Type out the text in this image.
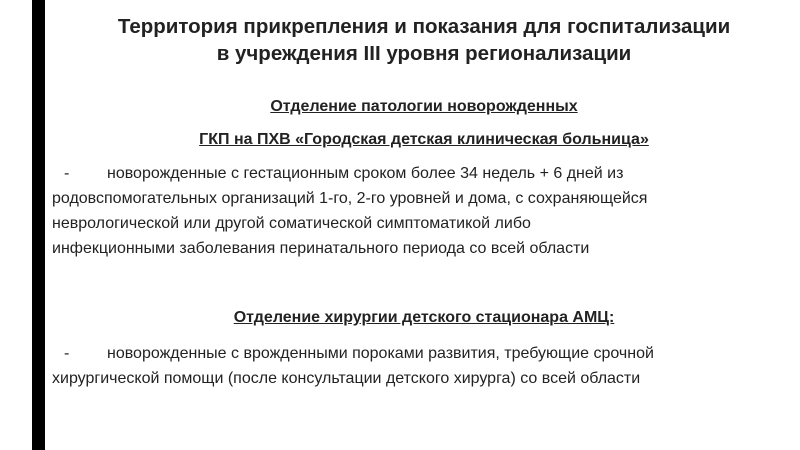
Территория прикрепления и показания для госпитализации
в учреждения III уровня регионализации
Отделение патологии новорожденных
ГКП на ПХВ «Городская детская клиническая больница»
- новорожденные с гестационным сроком более 34 недель + 6 дней из
родовспомогательных организаций 1-го, 2-го уровней и дома, с сохраняющейся
неврологической или другой соматической симптоматикой либо
инфекционными заболевания перинатального периода со всей области
Отделение хирургии детского стационара АМЦ:
- новорожденные с врожденными пороками развития, требующие срочной
хирургической помощи (после консультации детского хирурга) со всей области
